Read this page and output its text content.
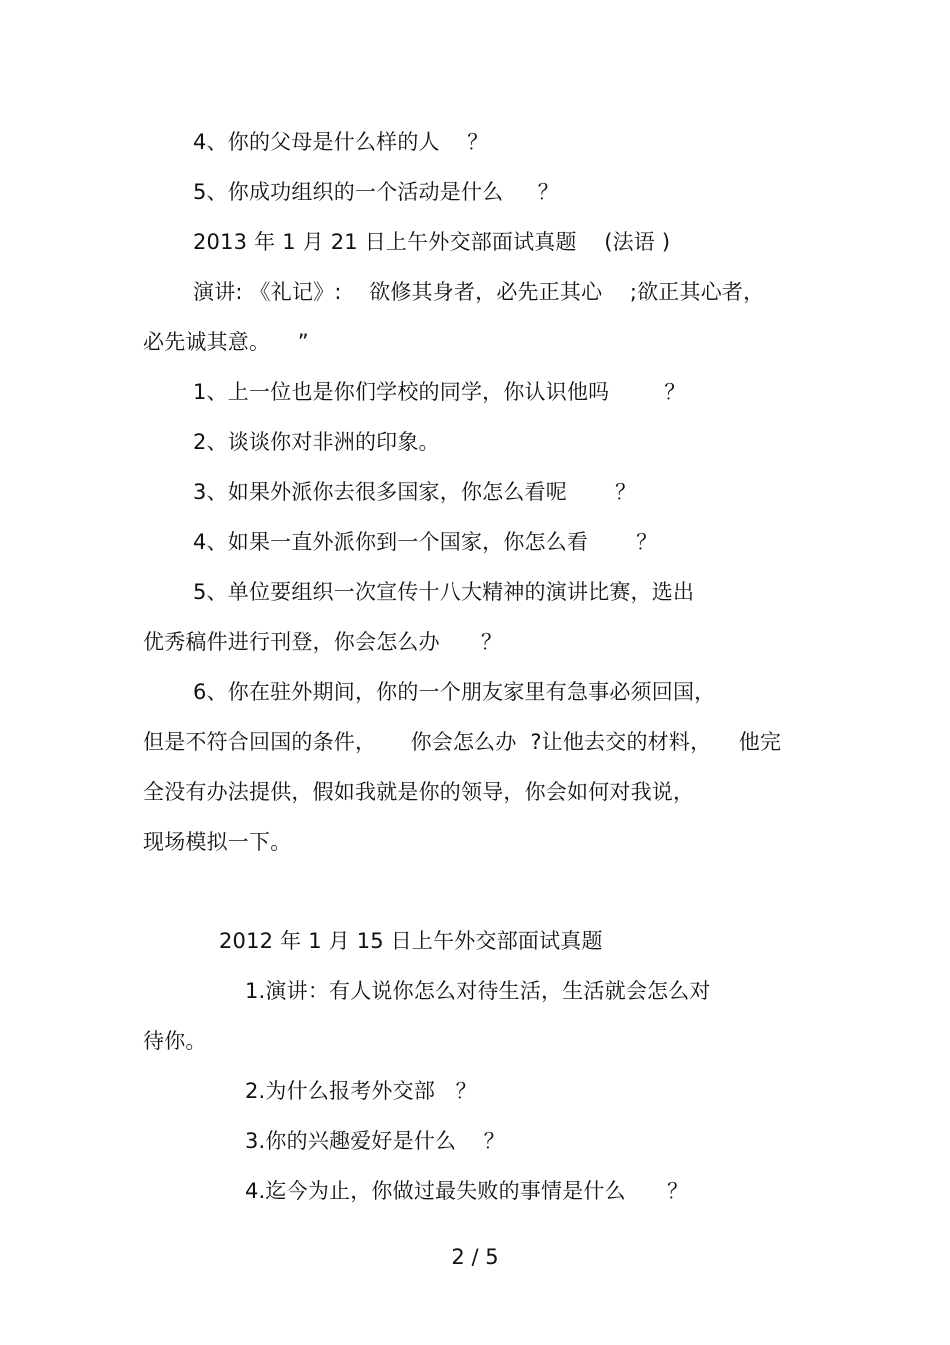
4、你的父母是什么样的人    ？
5、你成功组织的一个活动是什么     ？
2013 年 1 月 21 日上午外交部面试真题    (法语 )
演讲: 《礼记》:    欲修其身者，必先正其心    ;欲正其心者，
必先诚其意。    ”
1、上一位也是你们学校的同学，你认识他吗        ？
2、谈谈你对非洲的印象。
3、如果外派你去很多国家，你怎么看呢       ？
4、如果一直外派你到一个国家，你怎么看       ？
5、单位要组织一次宣传十八大精神的演讲比赛，选出
优秀稿件进行刊登，你会怎么办      ？
6、你在驻外期间，你的一个朋友家里有急事必须回国，
但是不符合回国的条件，     你会怎么办  ?让他去交的材料，    他完
全没有办法提供，假如我就是你的领导，你会如何对我说，
现场模拟一下。
2012 年 1 月 15 日上午外交部面试真题
1.演讲：有人说你怎么对待生活，生活就会怎么对
待你。
2.为什么报考外交部   ？
3.你的兴趣爱好是什么    ？
4.迄今为止，你做过最失败的事情是什么      ？
2 / 5
